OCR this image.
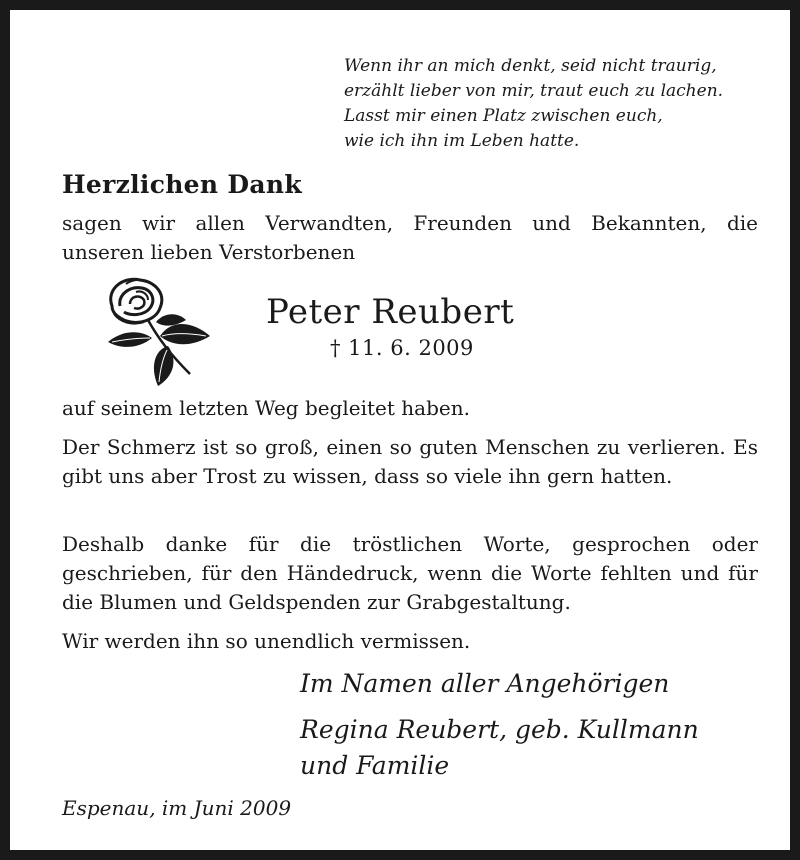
Wenn ihr an mich denkt, seid nicht traurig,
erzählt lieber von mir, traut euch zu lachen.
Lasst mir einen Platz zwischen euch,
wie ich ihn im Leben hatte.
Herzlichen Dank
sagen wir allen Verwandten, Freunden und Bekannten, die
unseren lieben Verstorbenen
Peter Reubert
† 11. 6. 2009
auf seinem letzten Weg begleitet haben.
Der Schmerz ist so groß, einen so guten Menschen zu verlieren. Es gibt uns aber Trost zu wissen, dass so viele ihn gern hatten.
Deshalb danke für die tröstlichen Worte, gesprochen oder geschrieben, für den Händedruck, wenn die Worte fehlten und für die Blumen und Geldspenden zur Grabgestaltung.
Wir werden ihn so unendlich vermissen.
Im Namen aller Angehörigen
Regina Reubert, geb. Kullmann
und Familie
Espenau, im Juni 2009
